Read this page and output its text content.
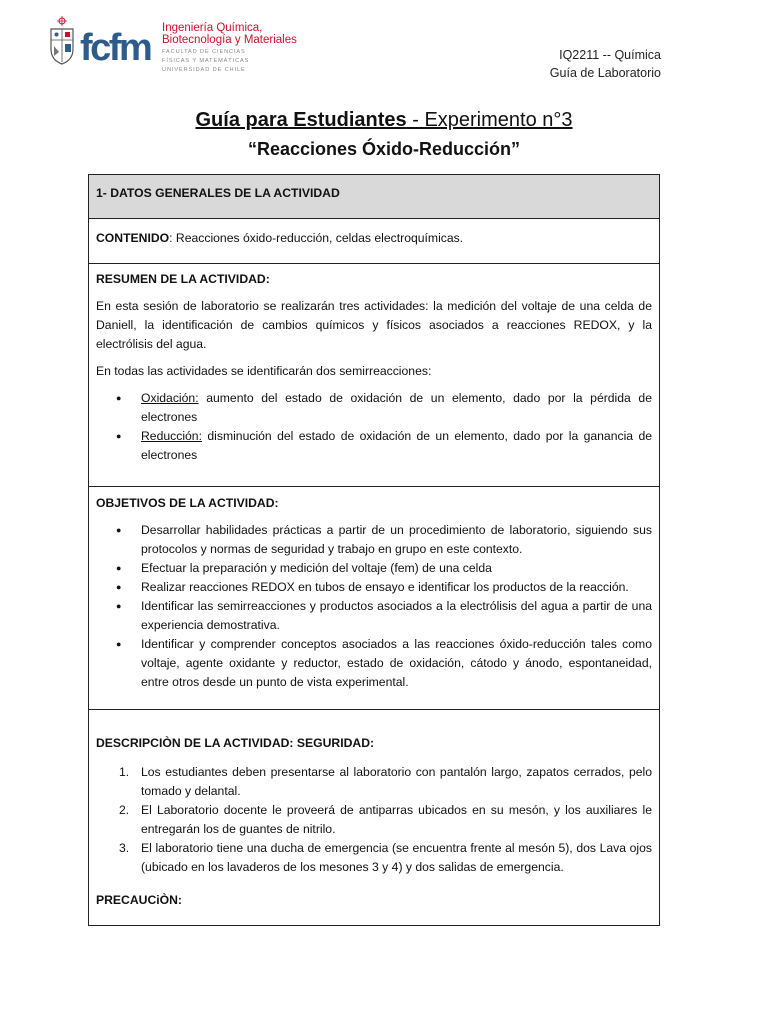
fcfm Ingeniería Química,
Biotecnología y Materiales
FACULTAD DE CIENCIAS
FÍSICAS Y MATEMÁTICAS
UNIVERSIDAD DE CHILE
IQ2211 -- Química
Guía de Laboratorio
Guía para Estudiantes - Experimento n°3
“Reacciones Óxido-Reducción”
1- DATOS GENERALES DE LA ACTIVIDAD
CONTENIDO: Reacciones óxido-reducción, celdas electroquímicas.

RESUMEN DE LA ACTIVIDAD:

En esta sesión de laboratorio se realizarán tres actividades: la medición del voltaje de una celda de Daniell, la identificación de cambios químicos y físicos asociados a reacciones REDOX, y la electrólisis del agua.

En todas las actividades se identificarán dos semirreacciones:

● Oxidación: aumento del estado de oxidación de un elemento, dado por la pérdida de electrones
● Reducción: disminución del estado de oxidación de un elemento, dado por la ganancia de electrones

OBJETIVOS DE LA ACTIVIDAD:

● Desarrollar habilidades prácticas a partir de un procedimiento de laboratorio, siguiendo sus protocolos y normas de seguridad y trabajo en grupo en este contexto.
● Efectuar la preparación y medición del voltaje (fem) de una celda
● Realizar reacciones REDOX en tubos de ensayo e identificar los productos de la reacción.
● Identificar las semirreacciones y productos asociados a la electrólisis del agua a partir de una experiencia demostrativa.
● Identificar y comprender conceptos asociados a las reacciones óxido-reducción tales como voltaje, agente oxidante y reductor, estado de oxidación, cátodo y ánodo, espontaneidad, entre otros desde un punto de vista experimental.

DESCRIPCIÒN DE LA ACTIVIDAD: SEGURIDAD:

1. Los estudiantes deben presentarse al laboratorio con pantalón largo, zapatos cerrados, pelo tomado y delantal.
2. El Laboratorio docente le proveerá de antiparras ubicados en su mesón, y los auxiliares le entregarán los de guantes de nitrilo.
3. El laboratorio tiene una ducha de emergencia (se encuentra frente al mesón 5), dos Lava ojos (ubicado en los lavaderos de los mesones 3 y 4) y dos salidas de emergencia.

PRECAUCiÒN:
